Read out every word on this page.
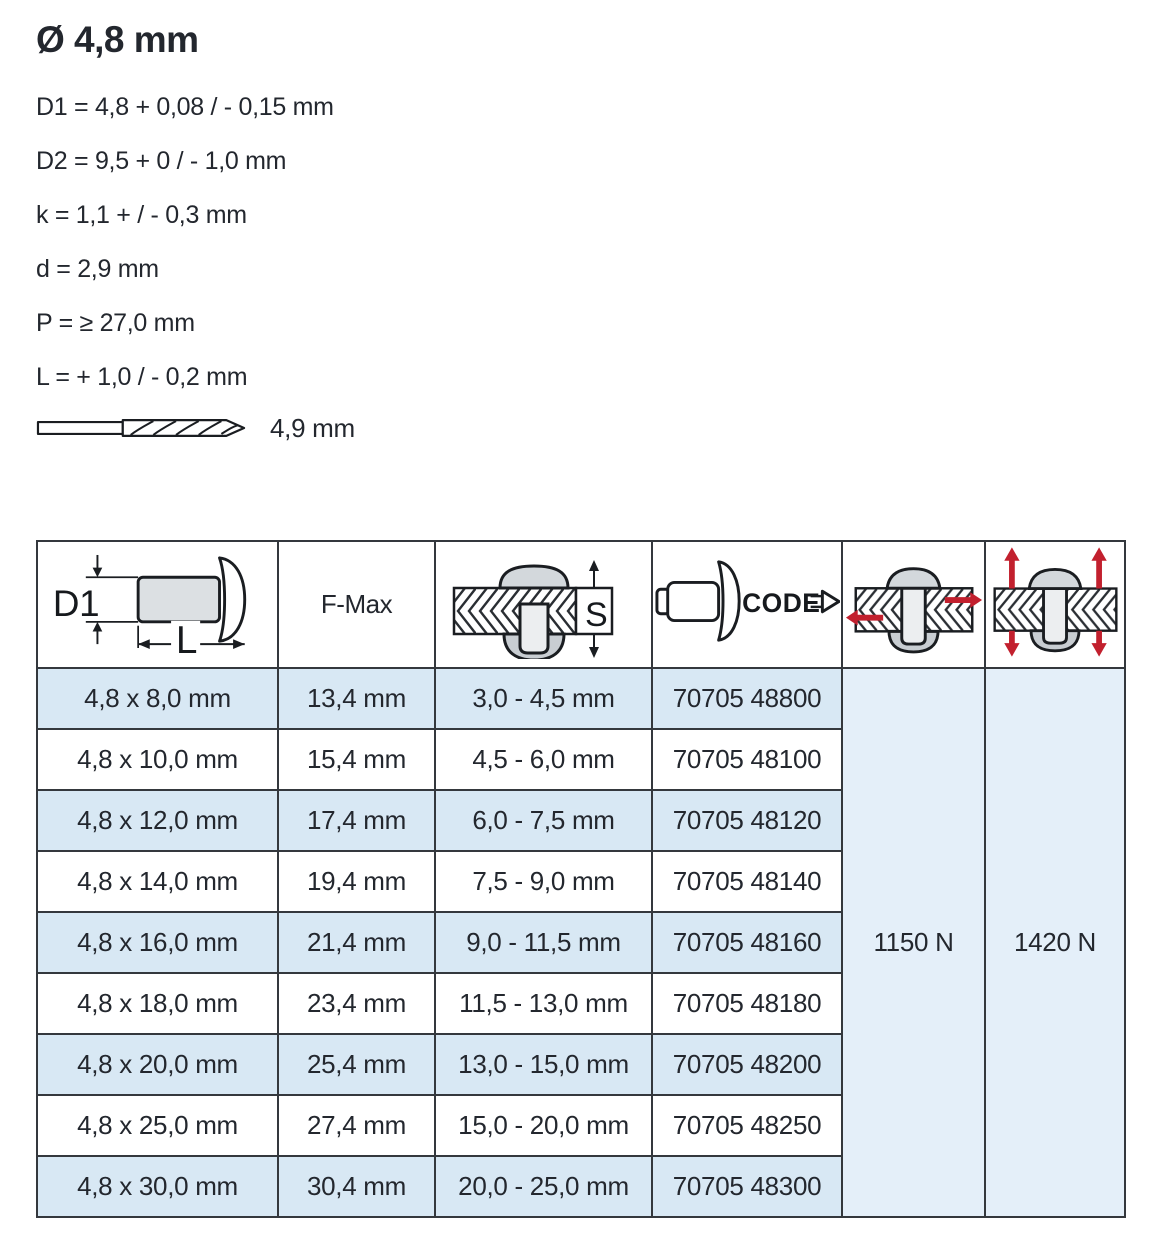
Ø 4,8 mm
D1 = 4,8 + 0,08 / - 0,15 mm
D2 = 9,5 + 0 / - 1,0 mm
k = 1,1 + / - 0,3 mm
d = 2,9 mm
P = ≥ 27,0 mm
L = + 1,0 / - 0,2 mm
4,9 mm
D1
L	F-Max	S	CODE

4,8 x 8,0 mm	13,4 mm	3,0 - 4,5 mm	70705 48800	1150 N	1420 N
4,8 x 10,0 mm	15,4 mm	4,5 - 6,0 mm	70705 48100		
4,8 x 12,0 mm	17,4 mm	6,0 - 7,5 mm	70705 48120		
4,8 x 14,0 mm	19,4 mm	7,5 - 9,0 mm	70705 48140		
4,8 x 16,0 mm	21,4 mm	9,0 - 11,5 mm	70705 48160		
4,8 x 18,0 mm	23,4 mm	11,5 - 13,0 mm	70705 48180		
4,8 x 20,0 mm	25,4 mm	13,0 - 15,0 mm	70705 48200		
4,8 x 25,0 mm	27,4 mm	15,0 - 20,0 mm	70705 48250		
4,8 x 30,0 mm	30,4 mm	20,0 - 25,0 mm	70705 48300		
